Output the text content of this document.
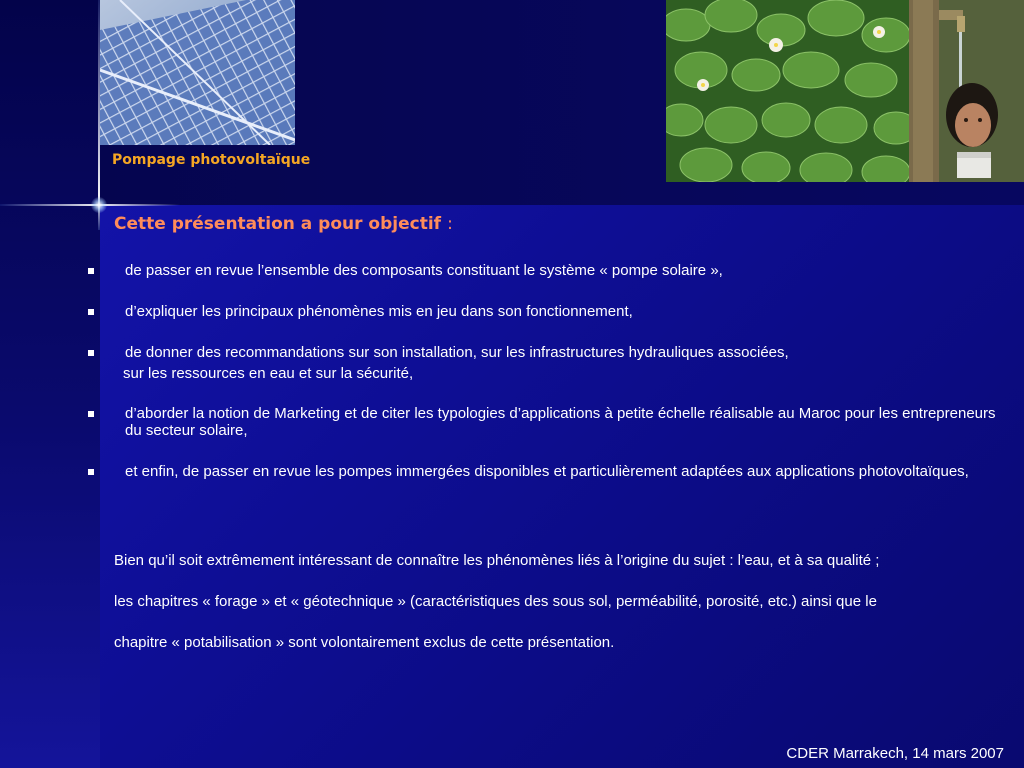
Pompage photovoltaïque
Cette présentation a pour objectif :
de passer en revue l’ensemble des composants constituant le système « pompe solaire »,
d’expliquer les principaux phénomènes mis en jeu dans son fonctionnement,
de donner des recommandations sur son installation, sur les infrastructures hydrauliques associées,
sur les ressources en eau et sur la sécurité,
d’aborder la notion de Marketing et de citer les typologies d’applications à petite échelle réalisable au Maroc pour les entrepreneurs du secteur solaire,
et enfin, de passer en revue les pompes immergées disponibles et particulièrement adaptées aux applications photovoltaïques,

Bien qu’il soit extrêmement intéressant de connaître les phénomènes liés à l’origine du sujet : l’eau, et à sa qualité ;

les chapitres « forage » et « géotechnique » (caractéristiques des sous sol, perméabilité, porosité, etc.) ainsi que le

chapitre « potabilisation » sont volontairement exclus de cette présentation.

CDER Marrakech, 14 mars 2007
